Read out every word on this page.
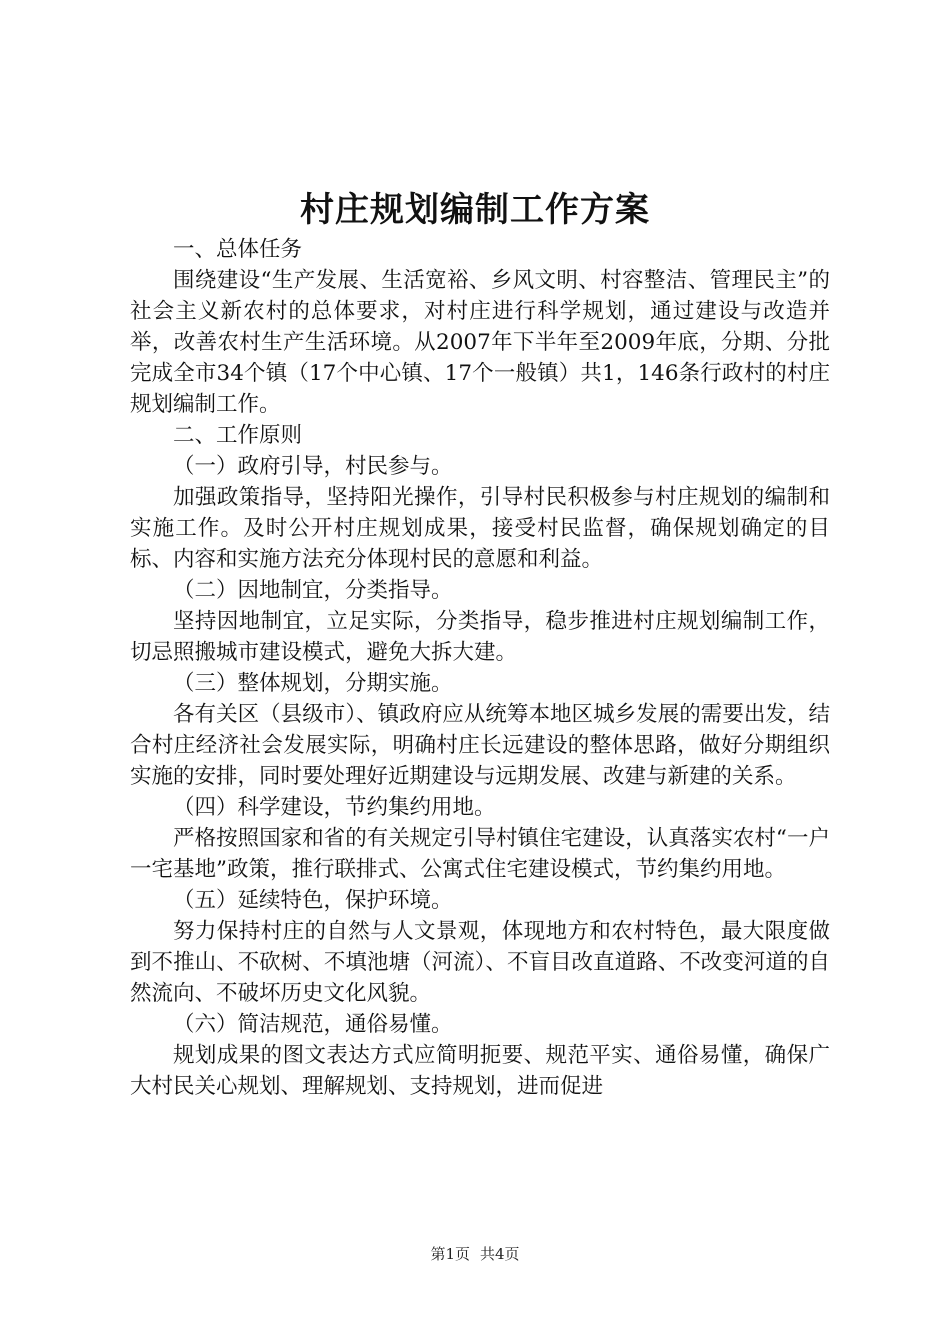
村庄规划编制工作方案

一、总体任务

围绕建设“生产发展、生活宽裕、乡风文明、村容整洁、管理民主”的社会主义新农村的总体要求，对村庄进行科学规划，通过建设与改造并举，改善农村生产生活环境。从2007年下半年至2009年底，分期、分批完成全市34个镇（17个中心镇、17个一般镇）共1，146条行政村的村庄规划编制工作。

二、工作原则

（一）政府引导，村民参与。

加强政策指导，坚持阳光操作，引导村民积极参与村庄规划的编制和实施工作。及时公开村庄规划成果，接受村民监督，确保规划确定的目标、内容和实施方法充分体现村民的意愿和利益。

（二）因地制宜，分类指导。

坚持因地制宜，立足实际，分类指导，稳步推进村庄规划编制工作，切忌照搬城市建设模式，避免大拆大建。

（三）整体规划，分期实施。

各有关区（县级市）、镇政府应从统筹本地区城乡发展的需要出发，结合村庄经济社会发展实际，明确村庄长远建设的整体思路，做好分期组织实施的安排，同时要处理好近期建设与远期发展、改建与新建的关系。

（四）科学建设，节约集约用地。

严格按照国家和省的有关规定引导村镇住宅建设，认真落实农村“一户一宅基地”政策，推行联排式、公寓式住宅建设模式，节约集约用地。

（五）延续特色，保护环境。

努力保持村庄的自然与人文景观，体现地方和农村特色，最大限度做到不推山、不砍树、不填池塘（河流）、不盲目改直道路、不改变河道的自然流向、不破坏历史文化风貌。

（六）简洁规范，通俗易懂。

规划成果的图文表达方式应简明扼要、规范平实、通俗易懂，确保广大村民关心规划、理解规划、支持规划，进而促进

第1页 共4页
